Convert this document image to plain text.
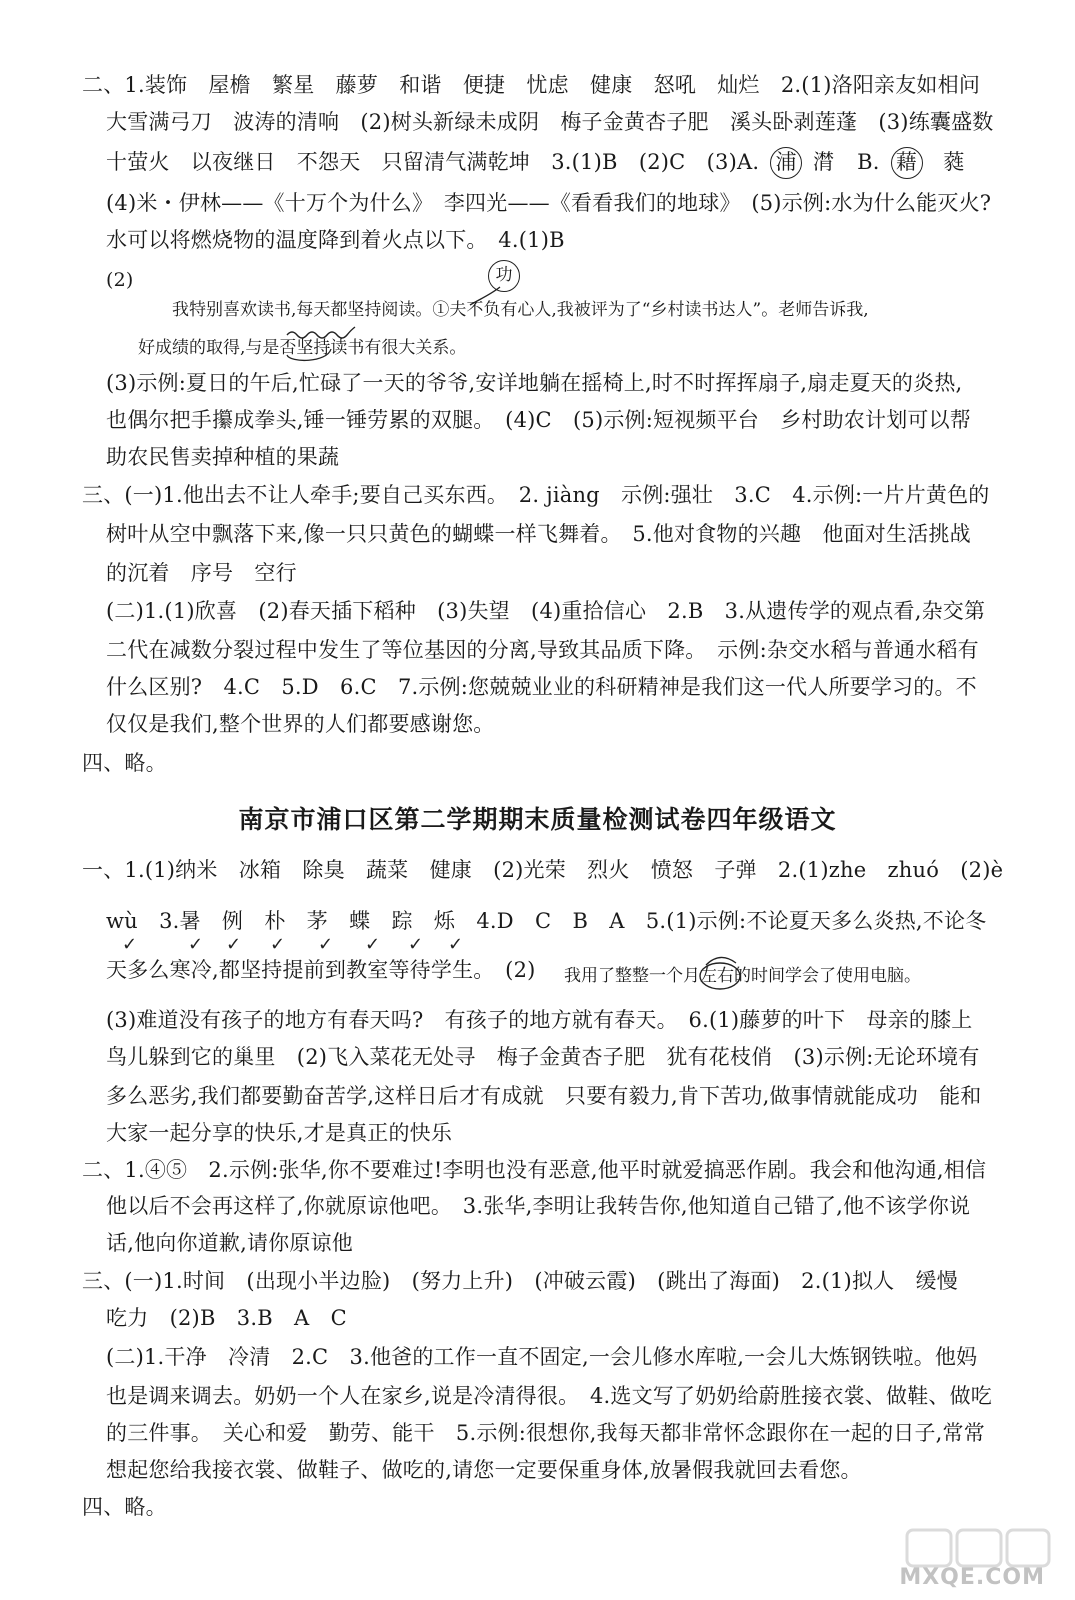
二、1.装饰　屋檐　繁星　藤萝　和谐　便捷　忧虑　健康　怒吼　灿烂　2.(1)洛阳亲友如相问
大雪满弓刀　波涛的清响　(2)树头新绿未成阴　梅子金黄杏子肥　溪头卧剥莲蓬　(3)练囊盛数
十萤火　以夜继日　不怨天　只留清气满乾坤　3.(1)B　(2)C　(3)A. 浦 潸 B. 藉 蕤
(4)米・伊林——《十万个为什么》　李四光——《看看我们的地球》　(5)示例:水为什么能灭火?
水可以将燃烧物的温度降到着火点以下。　4.(1)B
(2)	功
我特别喜欢读书,每天都坚持阅读。①夫不负有心人,我被评为了“乡村读书达人”。老师告诉我,
好成绩的取得,与是否坚持读书有很大关系。
(3)示例:夏日的午后,忙碌了一天的爷爷,安详地躺在摇椅上,时不时挥挥扇子,扇走夏天的炎热,
也偶尔把手攥成拳头,锤一锤劳累的双腿。　(4)C　(5)示例:短视频平台　乡村助农计划可以帮
助农民售卖掉种植的果蔬
三、(一)1.他出去不让人牵手;要自己买东西。　2. jiàng　示例:强壮　3.C　4.示例:一片片黄色的
树叶从空中飘落下来,像一只只黄色的蝴蝶一样飞舞着。　5.他对食物的兴趣　他面对生活挑战
的沉着　序号　空行
(二)1.(1)欣喜　(2)春天插下稻种　(3)失望　(4)重拾信心　2.B　3.从遗传学的观点看,杂交第
二代在减数分裂过程中发生了等位基因的分离,导致其品质下降。　示例:杂交水稻与普通水稻有
什么区别?　4.C　5.D　6.C　7.示例:您兢兢业业的科研精神是我们这一代人所要学习的。不
仅仅是我们,整个世界的人们都要感谢您。
四、略。
南京市浦口区第二学期期末质量检测试卷四年级语文
一、1.(1)纳米　冰箱　除臭　蔬菜　健康　(2)光荣　烈火　愤怒　子弹　2.(1)zhe　zhuó　(2)è
wù　3.暑　例　朴　茅　蝶　踪　烁　4.D　C　B　A　5.(1)示例:不论夏天多么炎热,不论冬
✓	✓ ✓ ✓ ✓ ✓ ✓ ✓
天多么寒冷,都坚持提前到教室等待学生。　(2)	我用了整整一个月左右的时间学会了使用电脑。
(3)难道没有孩子的地方有春天吗?　有孩子的地方就有春天。　6.(1)藤萝的叶下　母亲的膝上
鸟儿躲到它的巢里　(2)飞入菜花无处寻　梅子金黄杏子肥　犹有花枝俏　(3)示例:无论环境有
多么恶劣,我们都要勤奋苦学,这样日后才有成就　只要有毅力,肯下苦功,做事情就能成功　能和
大家一起分享的快乐,才是真正的快乐
二、1.④⑤　2.示例:张华,你不要难过!李明也没有恶意,他平时就爱搞恶作剧。我会和他沟通,相信
他以后不会再这样了,你就原谅他吧。　3.张华,李明让我转告你,他知道自己错了,他不该学你说
话,他向你道歉,请你原谅他
三、(一)1.时间　(出现小半边脸)　(努力上升)　(冲破云霞)　(跳出了海面)　2.(1)拟人　缓慢
吃力　(2)B　3.B　A　C
(二)1.干净　冷清　2.C　3.他爸的工作一直不固定,一会儿修水库啦,一会儿大炼钢铁啦。他妈
也是调来调去。奶奶一个人在家乡,说是冷清得很。　4.选文写了奶奶给蔚胜接衣裳、做鞋、做吃
的三件事。　关心和爱　勤劳、能干　5.示例:很想你,我每天都非常怀念跟你在一起的日子,常常
想起您给我接衣裳、做鞋子、做吃的,请您一定要保重身体,放暑假我就回去看您。
四、略。
MXQE.COM
